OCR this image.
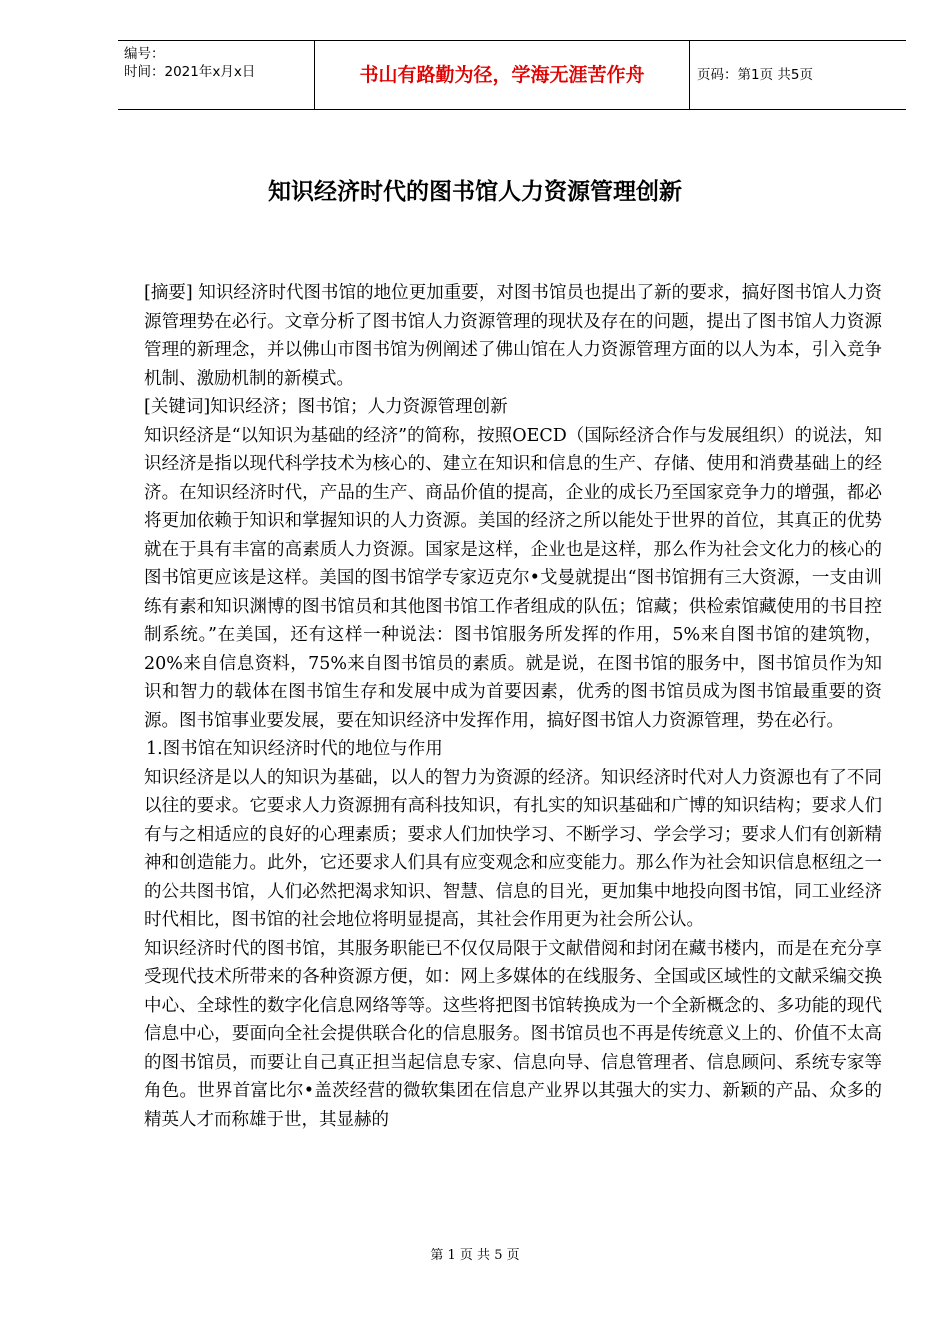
编号：
时间：2021年x月x日	书山有路勤为径，学海无涯苦作舟	页码：第1页 共5页
知识经济时代的图书馆人力资源管理创新

[摘要] 知识经济时代图书馆的地位更加重要，对图书馆员也提出了新的要求，搞好图书馆人力资源管理势在必行。文章分析了图书馆人力资源管理的现状及存在的问题，提出了图书馆人力资源管理的新理念，并以佛山市图书馆为例阐述了佛山馆在人力资源管理方面的以人为本，引入竞争机制、激励机制的新模式。

[关键词]知识经济；图书馆；人力资源管理创新

知识经济是“以知识为基础的经济”的简称，按照OECD（国际经济合作与发展组织）的说法，知识经济是指以现代科学技术为核心的、建立在知识和信息的生产、存储、使用和消费基础上的经济。在知识经济时代，产品的生产、商品价值的提高，企业的成长乃至国家竞争力的增强，都必将更加依赖于知识和掌握知识的人力资源。美国的经济之所以能处于世界的首位，其真正的优势就在于具有丰富的高素质人力资源。国家是这样，企业也是这样，那么作为社会文化力的核心的图书馆更应该是这样。美国的图书馆学专家迈克尔•戈曼就提出“图书馆拥有三大资源，一支由训练有素和知识渊博的图书馆员和其他图书馆工作者组成的队伍；馆藏；供检索馆藏使用的书目控制系统。”在美国，还有这样一种说法：图书馆服务所发挥的作用，5%来自图书馆的建筑物，20%来自信息资料，75%来自图书馆员的素质。就是说，在图书馆的服务中，图书馆员作为知识和智力的载体在图书馆生存和发展中成为首要因素，优秀的图书馆员成为图书馆最重要的资源。图书馆事业要发展，要在知识经济中发挥作用，搞好图书馆人力资源管理，势在必行。

1.图书馆在知识经济时代的地位与作用

知识经济是以人的知识为基础，以人的智力为资源的经济。知识经济时代对人力资源也有了不同以往的要求。它要求人力资源拥有高科技知识，有扎实的知识基础和广博的知识结构；要求人们有与之相适应的良好的心理素质；要求人们加快学习、不断学习、学会学习；要求人们有创新精神和创造能力。此外，它还要求人们具有应变观念和应变能力。那么作为社会知识信息枢纽之一的公共图书馆，人们必然把渴求知识、智慧、信息的目光，更加集中地投向图书馆，同工业经济时代相比，图书馆的社会地位将明显提高，其社会作用更为社会所公认。

知识经济时代的图书馆，其服务职能已不仅仅局限于文献借阅和封闭在藏书楼内，而是在充分享受现代技术所带来的各种资源方便，如：网上多媒体的在线服务、全国或区域性的文献采编交换中心、全球性的数字化信息网络等等。这些将把图书馆转换成为一个全新概念的、多功能的现代信息中心，要面向全社会提供联合化的信息服务。图书馆员也不再是传统意义上的、价值不太高的图书馆员，而要让自己真正担当起信息专家、信息向导、信息管理者、信息顾问、系统专家等角色。世界首富比尔•盖茨经营的微软集团在信息产业界以其强大的实力、新颖的产品、众多的精英人才而称雄于世，其显赫的

第 1 页 共 5 页
